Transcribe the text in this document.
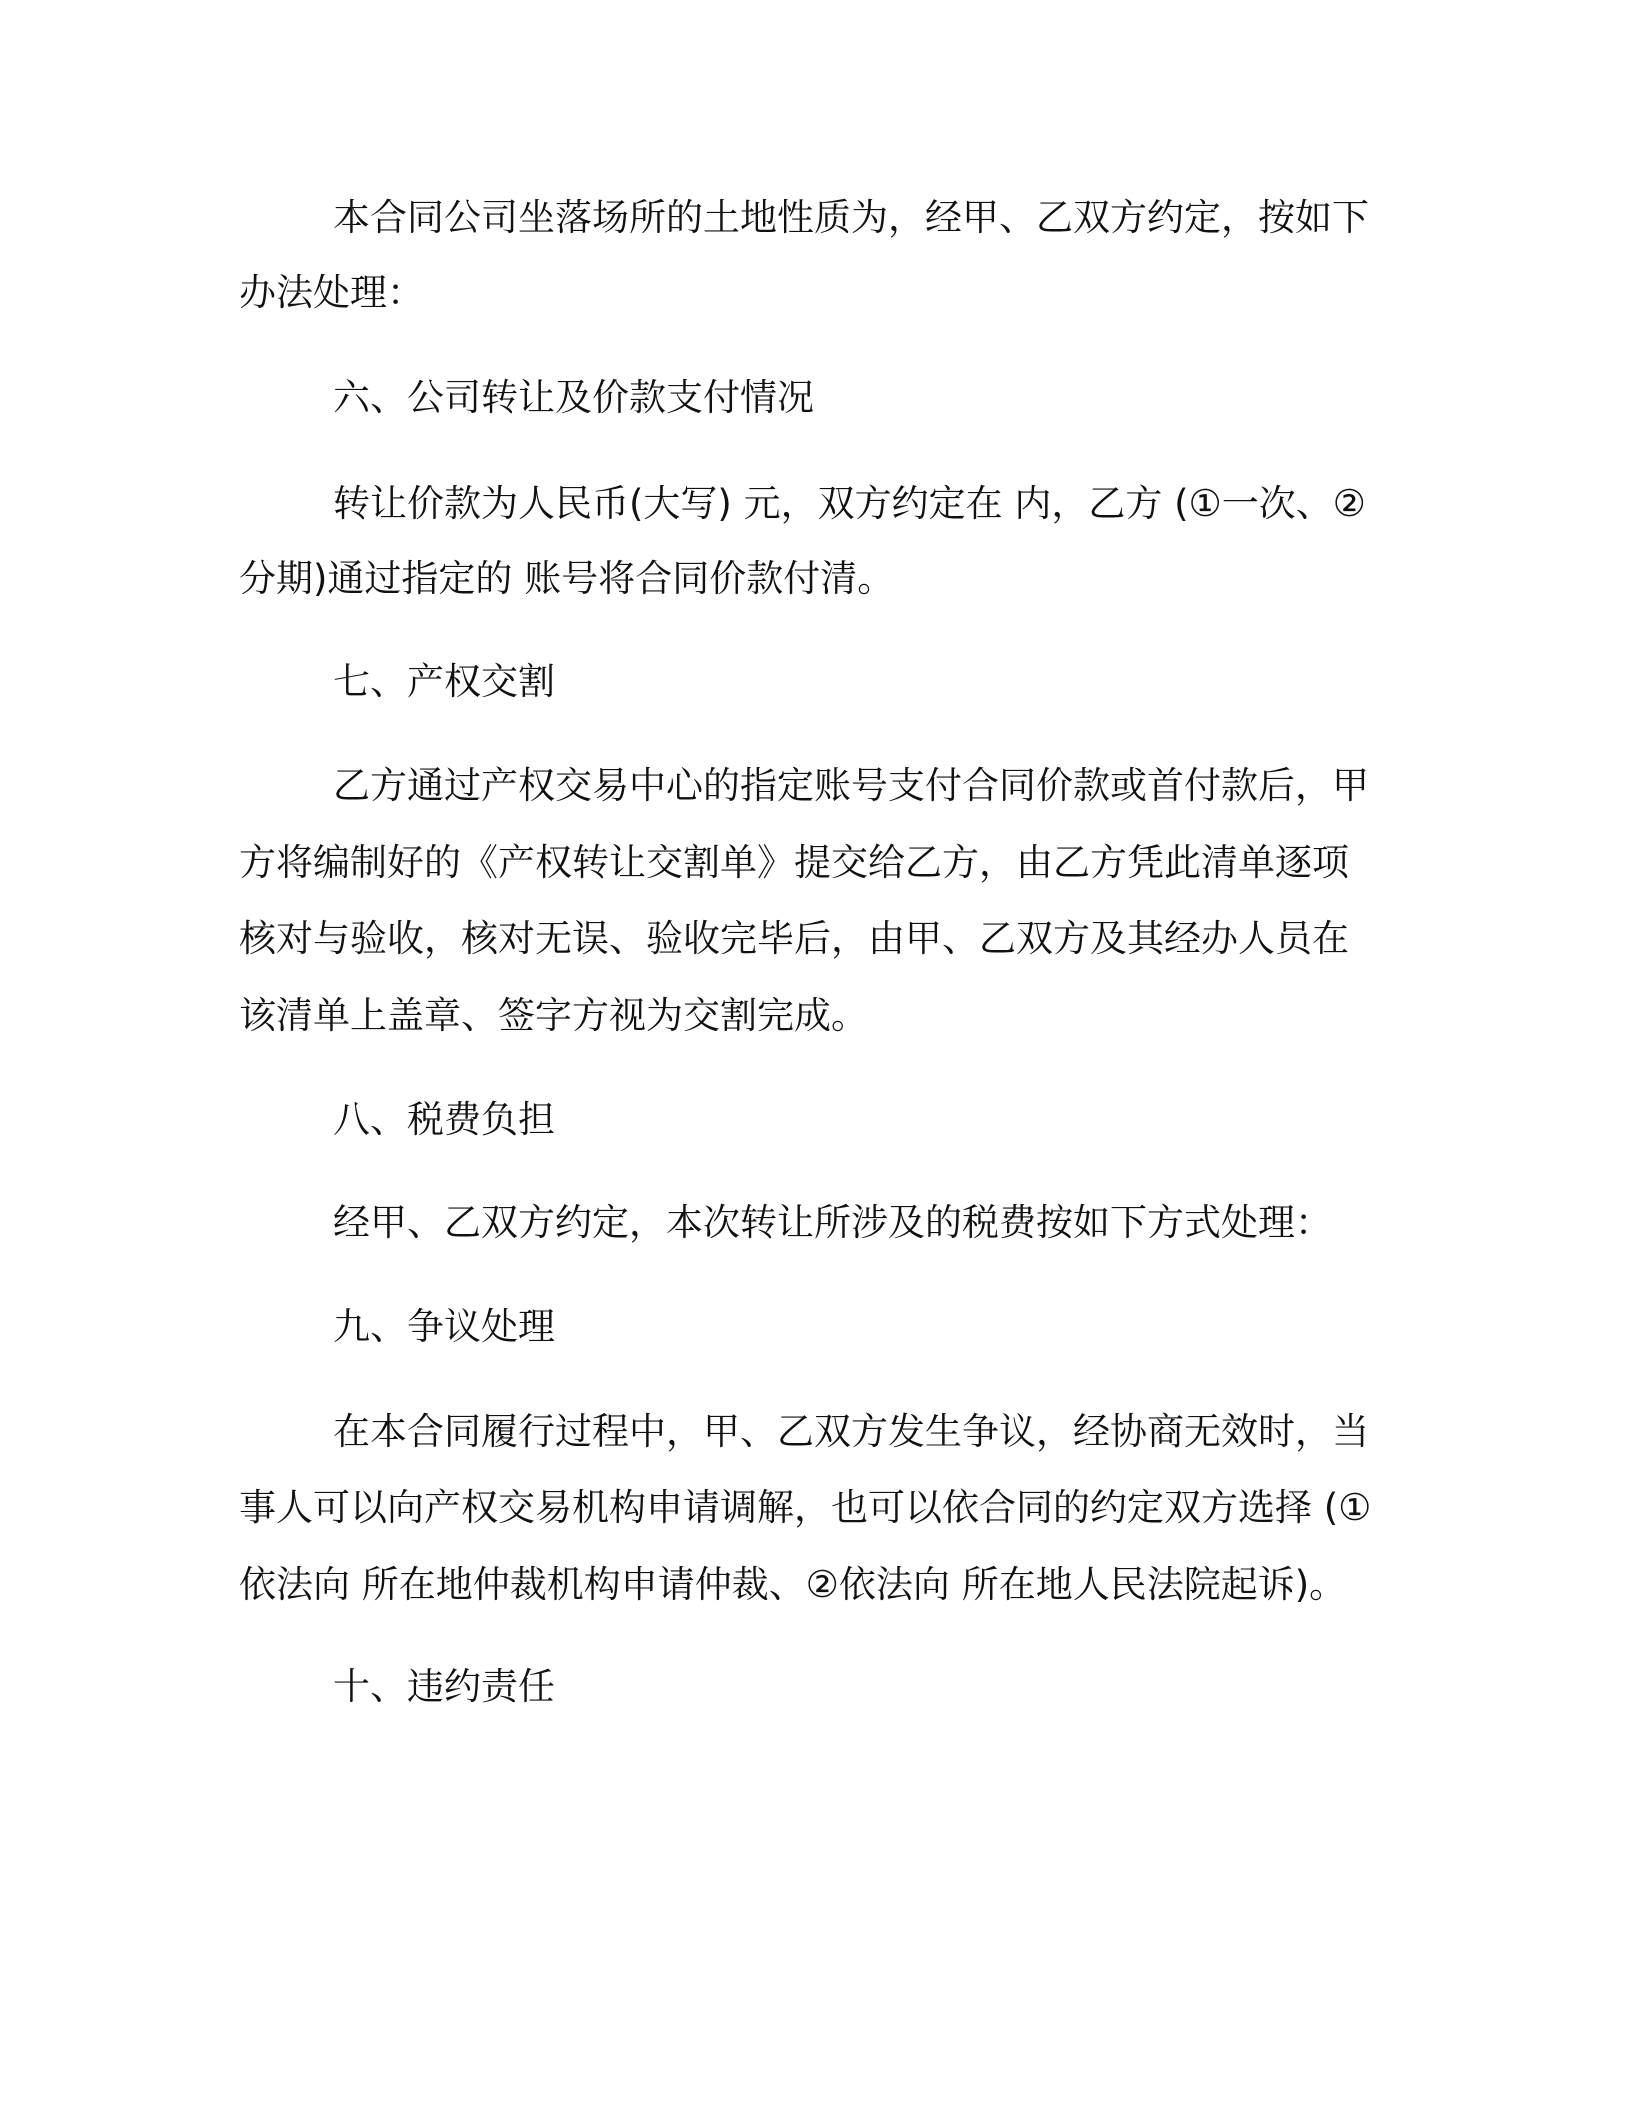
本合同公司坐落场所的土地性质为，经甲、乙双方约定，按如下

办法处理：

六、公司转让及价款支付情况

转让价款为人民币(大写) 元，双方约定在 内，乙方 (①一次、②

分期)通过指定的 账号将合同价款付清。

七、产权交割

乙方通过产权交易中心的指定账号支付合同价款或首付款后，甲

方将编制好的《产权转让交割单》提交给乙方，由乙方凭此清单逐项

核对与验收，核对无误、验收完毕后，由甲、乙双方及其经办人员在

该清单上盖章、签字方视为交割完成。

八、税费负担

经甲、乙双方约定，本次转让所涉及的税费按如下方式处理：

九、争议处理

在本合同履行过程中，甲、乙双方发生争议，经协商无效时，当

事人可以向产权交易机构申请调解，也可以依合同的约定双方选择 (①

依法向 所在地仲裁机构申请仲裁、②依法向 所在地人民法院起诉)。

十、违约责任
